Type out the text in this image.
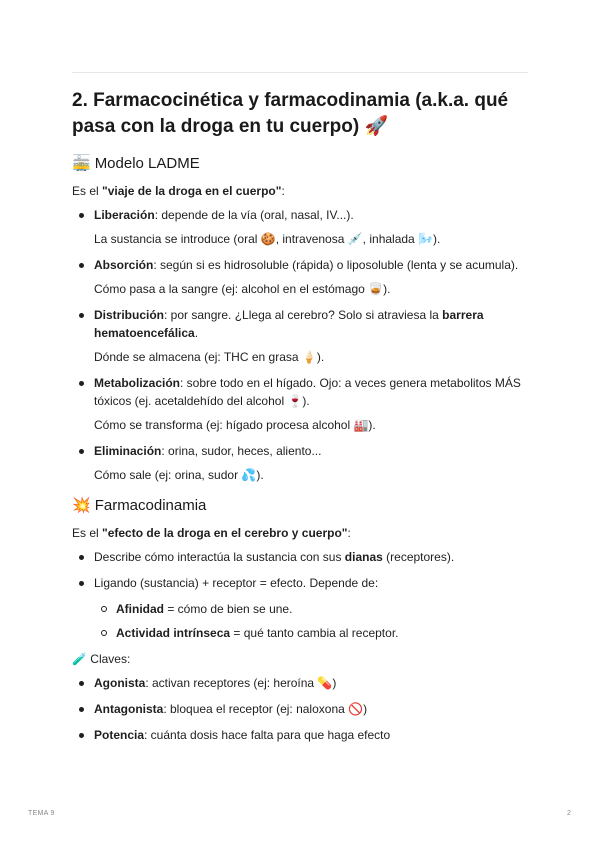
2. Farmacocinética y farmacodinamia (a.k.a. qué pasa con la droga en tu cuerpo) 🚀
🚋 Modelo LADME

Es el "viaje de la droga en el cuerpo":

Liberación: depende de la vía (oral, nasal, IV...).
La sustancia se introduce (oral 🍪, intravenosa 💉, inhalada 🌬️).
Absorción: según si es hidrosoluble (rápida) o liposoluble (lenta y se acumula).
Cómo pasa a la sangre (ej: alcohol en el estómago 🥃).
Distribución: por sangre. ¿Llega al cerebro? Solo si atraviesa la barrera hematoencefálica.
Dónde se almacena (ej: THC en grasa 🍦).
Metabolización: sobre todo en el hígado. Ojo: a veces genera metabolitos MÁS tóxicos (ej. acetaldehído del alcohol 🍷).
Cómo se transforma (ej: hígado procesa alcohol 🏭).
Eliminación: orina, sudor, heces, aliento...
Cómo sale (ej: orina, sudor 💦).
💥 Farmacodinamia

Es el "efecto de la droga en el cerebro y cuerpo":

Describe cómo interactúa la sustancia con sus dianas (receptores).
Ligando (sustancia) + receptor = efecto. Depende de:
Afinidad = cómo de bien se une.
Actividad intrínseca = qué tanto cambia al receptor.

🧪 Claves:

Agonista: activan receptores (ej: heroína 💊)
Antagonista: bloquea el receptor (ej: naloxona 🚫)
Potencia: cuánta dosis hace falta para que haga efecto
TEMA 9	2
